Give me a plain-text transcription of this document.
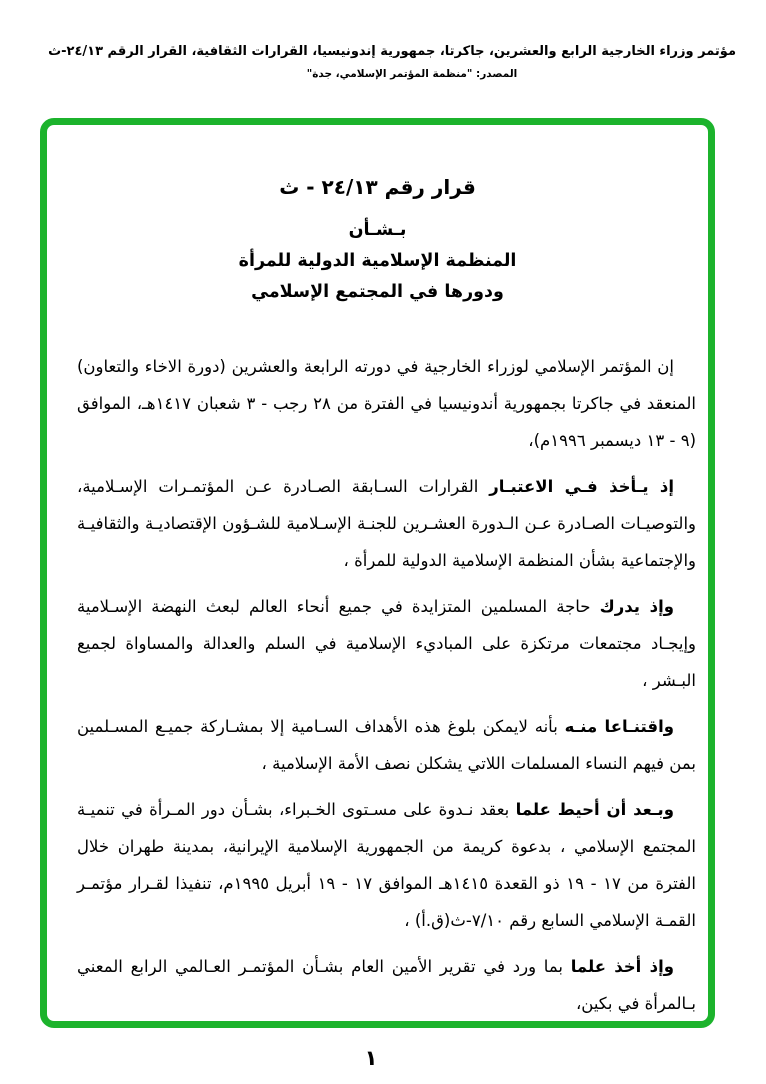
مؤتمر وزراء الخارجية الرابع والعشرين، جاكرتا، جمهورية إندونيسيا، القرارات الثقافية، القرار الرقم ٢٤/١٣-ث
المصدر: "منظمة المؤتمر الإسلامي، جدة"
قرار رقم ٢٤/١٣ - ث
بـشـأن
المنظمة الإسلامية الدولية للمرأة
ودورها في المجتمع الإسلامي

إن المؤتمر الإسلامي لوزراء الخارجية في دورته الرابعة والعشرين (دورة الاخاء والتعاون) المنعقد في جاكرتا بجمهورية أندونيسيا في الفترة من ٢٨ رجب - ٣ شعبان ١٤١٧هـ، الموافق (٩ - ١٣ ديسمبر ١٩٩٦م)،

إذ يـأخذ فـي الاعتبـار القرارات السـابقة الصـادرة عـن المؤتمـرات الإسـلامية، والتوصيـات الصـادرة عـن الـدورة العشـرين للجنـة الإسـلامية للشـؤون الإقتصاديـة والثقافيـة والإجتماعية بشأن المنظمة الإسلامية الدولية للمرأة ،

وإذ يدرك حاجة المسلمين المتزايدة في جميع أنحاء العالم لبعث النهضة الإسـلامية وإيجـاد مجتمعات مرتكزة على المباديء الإسلامية في السلم والعدالة والمساواة لجميع البـشر ،

واقتنـاعا منـه بأنه لايمكن بلوغ هذه الأهداف السـامية إلا بمشـاركة جميـع المسـلمين بمن فيهم النساء المسلمات اللاتي يشكلن نصف الأمة الإسلامية ،

وبـعد أن أحيط علما بعقد نـدوة على مسـتوى الخـبراء، بشـأن دور المـرأة في تنميـة المجتمع الإسلامي ، بدعوة كريمة من الجمهورية الإسلامية الإيرانية، بمدينة طهران خلال الفترة من ١٧ - ١٩ ذو القعدة ١٤١٥هـ الموافق ١٧ - ١٩ أبريل ١٩٩٥م، تنفيذا لقـرار مؤتمـر القمـة الإسلامي السابع رقم ٧/١٠-ث(ق.أ) ،

وإذ أخذ علما بما ورد في تقرير الأمين العام بشـأن المؤتمـر العـالمي الرابع المعني بـالمرأة في بكين،

١
